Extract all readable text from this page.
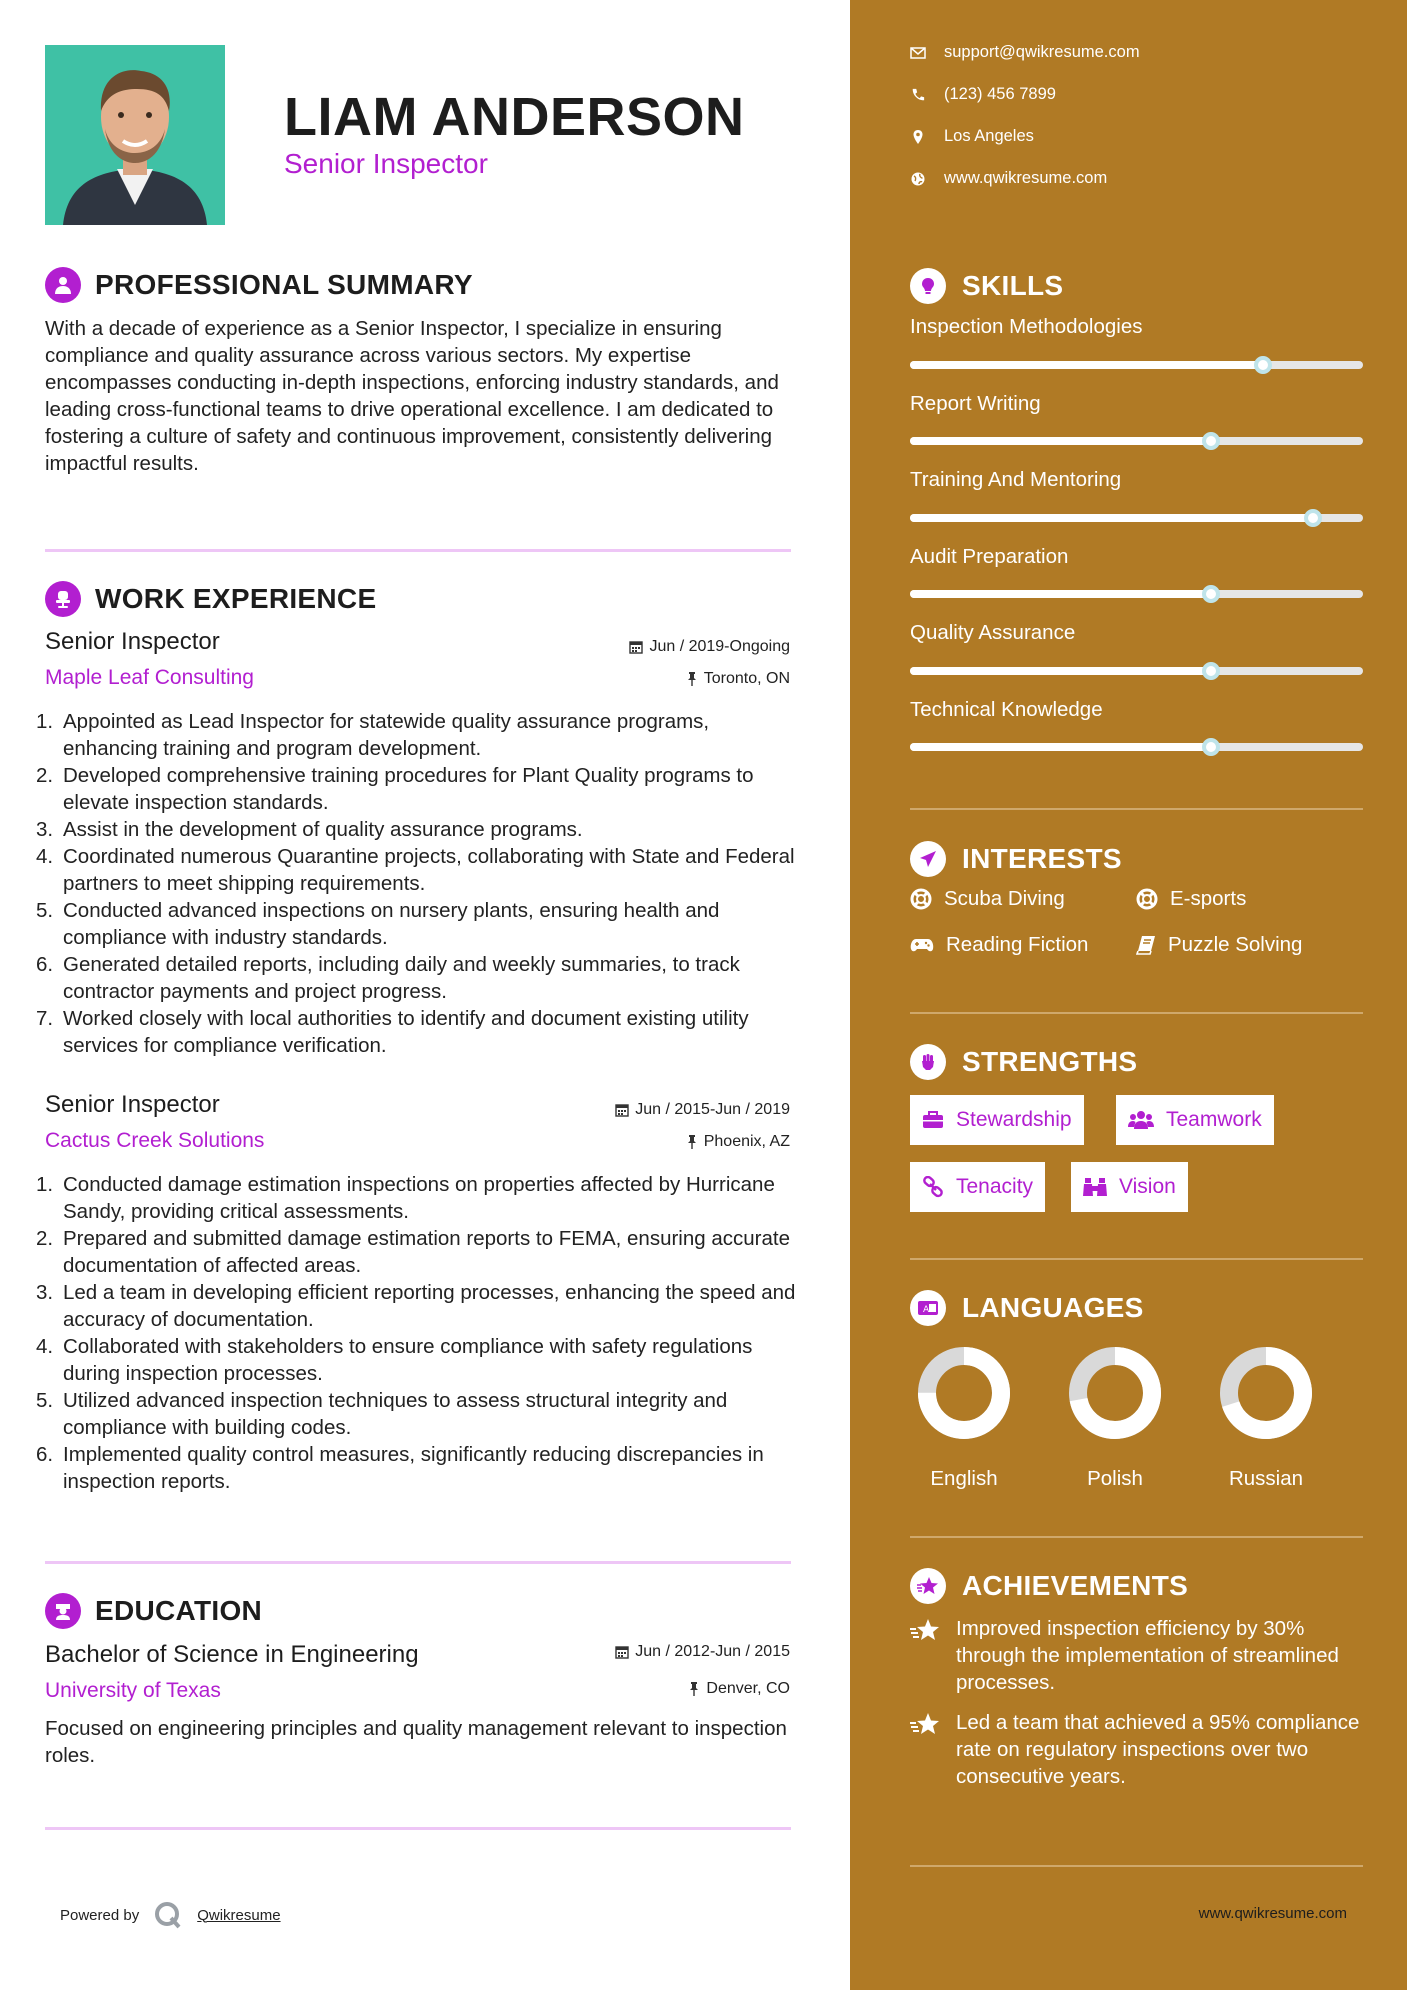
LIAM ANDERSON
Senior Inspector
PROFESSIONAL SUMMARY
With a decade of experience as a Senior Inspector, I specialize in ensuring compliance and quality assurance across various sectors. My expertise encompasses conducting in-depth inspections, enforcing industry standards, and leading cross-functional teams to drive operational excellence. I am dedicated to fostering a culture of safety and continuous improvement, consistently delivering impactful results.
WORK EXPERIENCE
Senior Inspector
Maple Leaf Consulting
Jun / 2019-Ongoing
Toronto, ON
1. Appointed as Lead Inspector for statewide quality assurance programs, enhancing training and program development.
2. Developed comprehensive training procedures for Plant Quality programs to elevate inspection standards.
3. Assist in the development of quality assurance programs.
4. Coordinated numerous Quarantine projects, collaborating with State and Federal partners to meet shipping requirements.
5. Conducted advanced inspections on nursery plants, ensuring health and compliance with industry standards.
6. Generated detailed reports, including daily and weekly summaries, to track contractor payments and project progress.
7. Worked closely with local authorities to identify and document existing utility services for compliance verification.
Senior Inspector
Cactus Creek Solutions
Jun / 2015-Jun / 2019
Phoenix, AZ
1. Conducted damage estimation inspections on properties affected by Hurricane Sandy, providing critical assessments.
2. Prepared and submitted damage estimation reports to FEMA, ensuring accurate documentation of affected areas.
3. Led a team in developing efficient reporting processes, enhancing the speed and accuracy of documentation.
4. Collaborated with stakeholders to ensure compliance with safety regulations during inspection processes.
5. Utilized advanced inspection techniques to assess structural integrity and compliance with building codes.
6. Implemented quality control measures, significantly reducing discrepancies in inspection reports.
EDUCATION
Bachelor of Science in Engineering
University of Texas
Jun / 2012-Jun / 2015
Denver, CO
Focused on engineering principles and quality management relevant to inspection roles.
Powered by	Qwikresume
support@qwikresume.com
(123) 456 7899
Los Angeles
www.qwikresume.com
SKILLS
Inspection Methodologies
Report Writing
Training And Mentoring
Audit Preparation
Quality Assurance
Technical Knowledge
INTERESTS
Scuba Diving	E-sports
Reading Fiction	Puzzle Solving
STRENGTHS
Stewardship	Teamwork
Tenacity	Vision
A LANGUAGES
English	Polish	Russian
ACHIEVEMENTS
Improved inspection efficiency by 30% through the implementation of streamlined processes.
Led a team that achieved a 95% compliance rate on regulatory inspections over two consecutive years.
www.qwikresume.com
